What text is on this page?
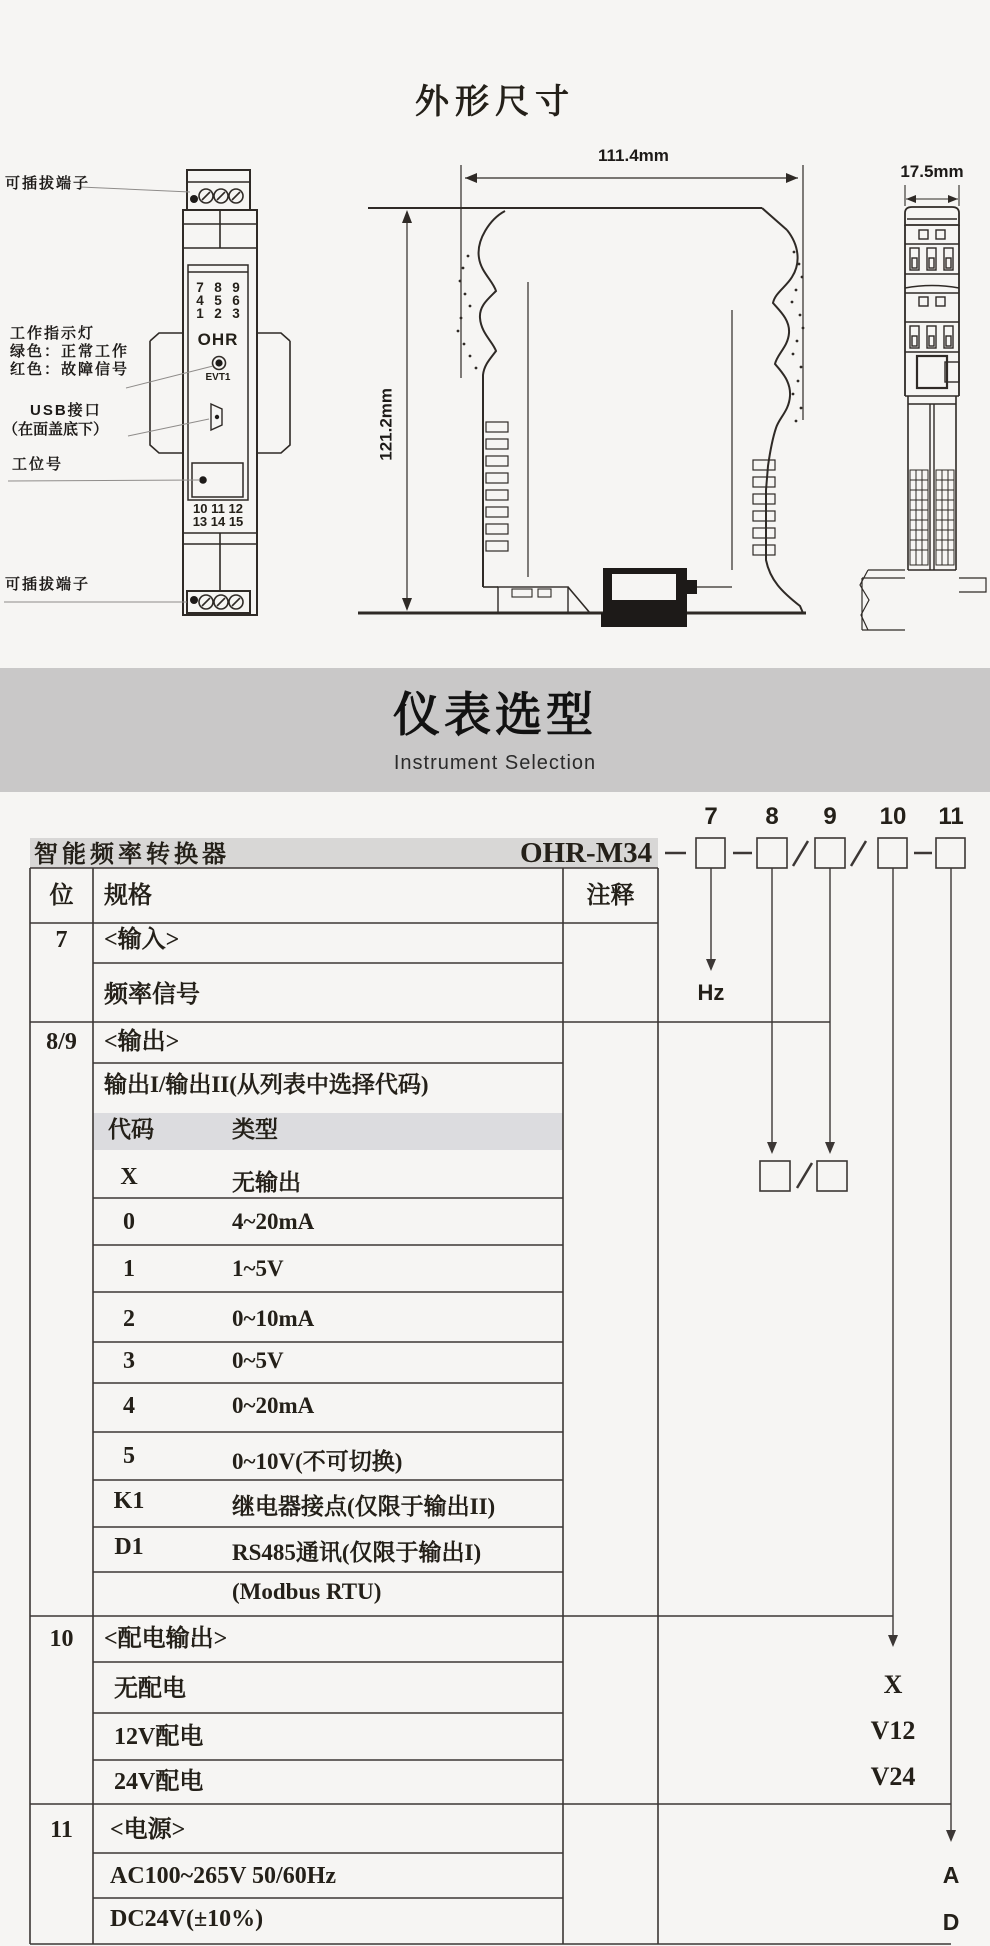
外形尺寸
111.4mm
121.2mm
17.5mm
可插拔端子
工作指示灯
绿色：正常工作
红色：故障信号
USB接口
（在面盖底下）
工位号
可插拔端子
7 8 9
4 5 6
1 2 3
OHR
EVT1
10 11 12
13 14 15
仪表选型
Instrument Selection
智能频率转换器	OHR-M34
7	8	9	10	11
Hz
X
V12
V24
A
D
位	规格	注释
7	<输入>
频率信号
8/9	<输出>
输出I/输出II(从列表中选择代码)
代码	类型
X	无输出
0	4~20mA
1	1~5V
2	0~10mA
3	0~5V
4	0~20mA
5	0~10V(不可切换)
K1	继电器接点(仅限于输出II)
D1	RS485通讯(仅限于输出I)
(Modbus RTU)
10	<配电输出>
无配电
12V配电
24V配电
11	<电源>
AC100~265V 50/60Hz
DC24V(±10%)
